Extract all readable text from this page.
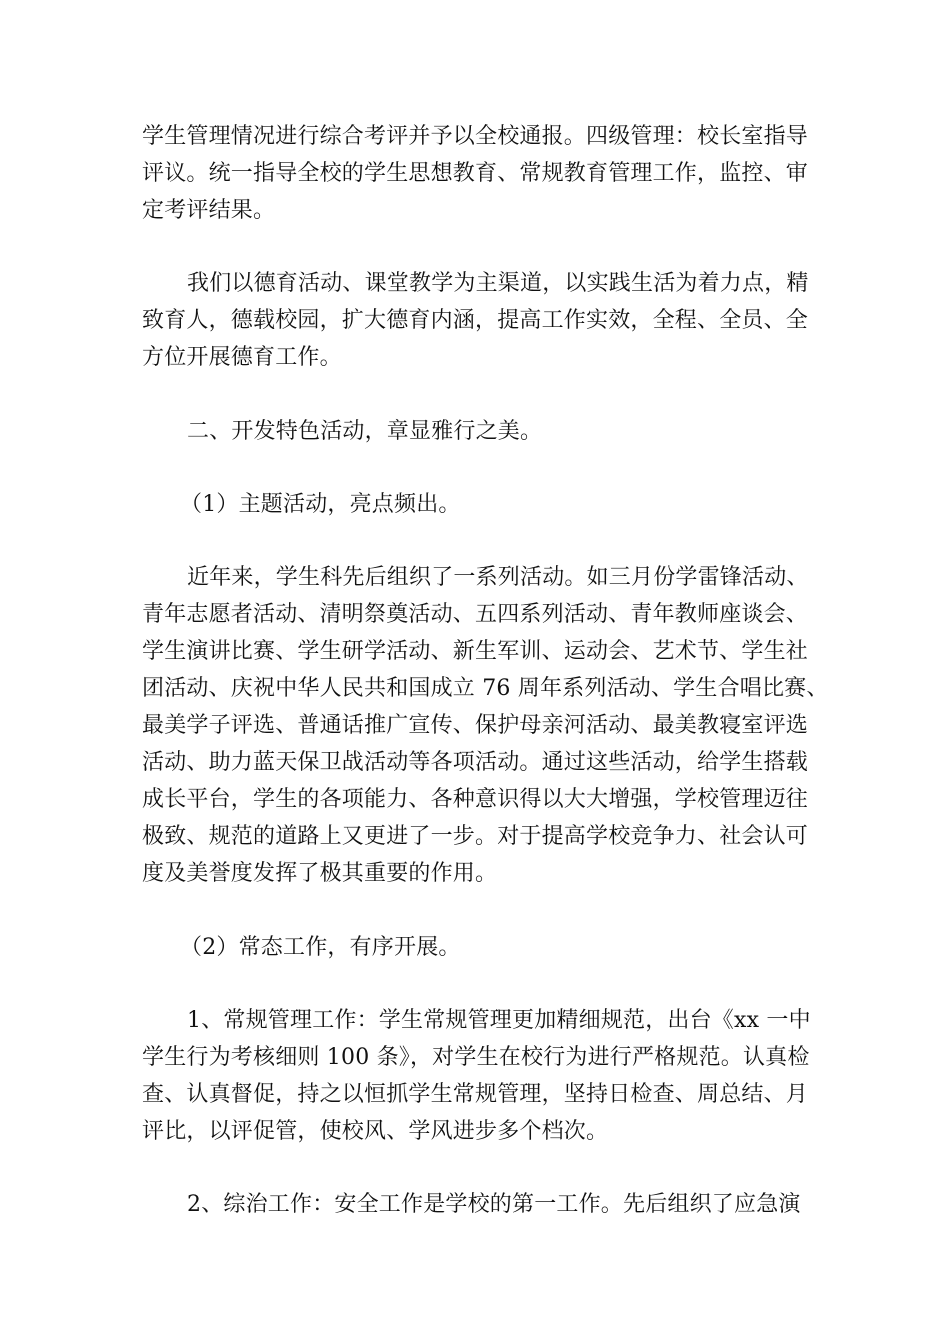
学生管理情况进行综合考评并予以全校通报。四级管理：校长室指导
评议。统一指导全校的学生思想教育、常规教育管理工作，监控、审
定考评结果。
我们以德育活动、课堂教学为主渠道，以实践生活为着力点，精
致育人，德载校园，扩大德育内涵，提高工作实效，全程、全员、全
方位开展德育工作。
二、开发特色活动，章显雅行之美。
（1）主题活动，亮点频出。
近年来，学生科先后组织了一系列活动。如三月份学雷锋活动、
青年志愿者活动、清明祭奠活动、五四系列活动、青年教师座谈会、
学生演讲比赛、学生研学活动、新生军训、运动会、艺术节、学生社
团活动、庆祝中华人民共和国成立 76 周年系列活动、学生合唱比赛、
最美学子评选、普通话推广宣传、保护母亲河活动、最美教寝室评选
活动、助力蓝天保卫战活动等各项活动。通过这些活动，给学生搭载
成长平台，学生的各项能力、各种意识得以大大增强，学校管理迈往
极致、规范的道路上又更进了一步。对于提高学校竞争力、社会认可
度及美誉度发挥了极其重要的作用。
（2）常态工作，有序开展。
1、常规管理工作：学生常规管理更加精细规范，出台《xx 一中
学生行为考核细则 100 条》，对学生在校行为进行严格规范。认真检
查、认真督促，持之以恒抓学生常规管理，坚持日检查、周总结、月
评比，以评促管，使校风、学风进步多个档次。
2、综治工作：安全工作是学校的第一工作。先后组织了应急演
